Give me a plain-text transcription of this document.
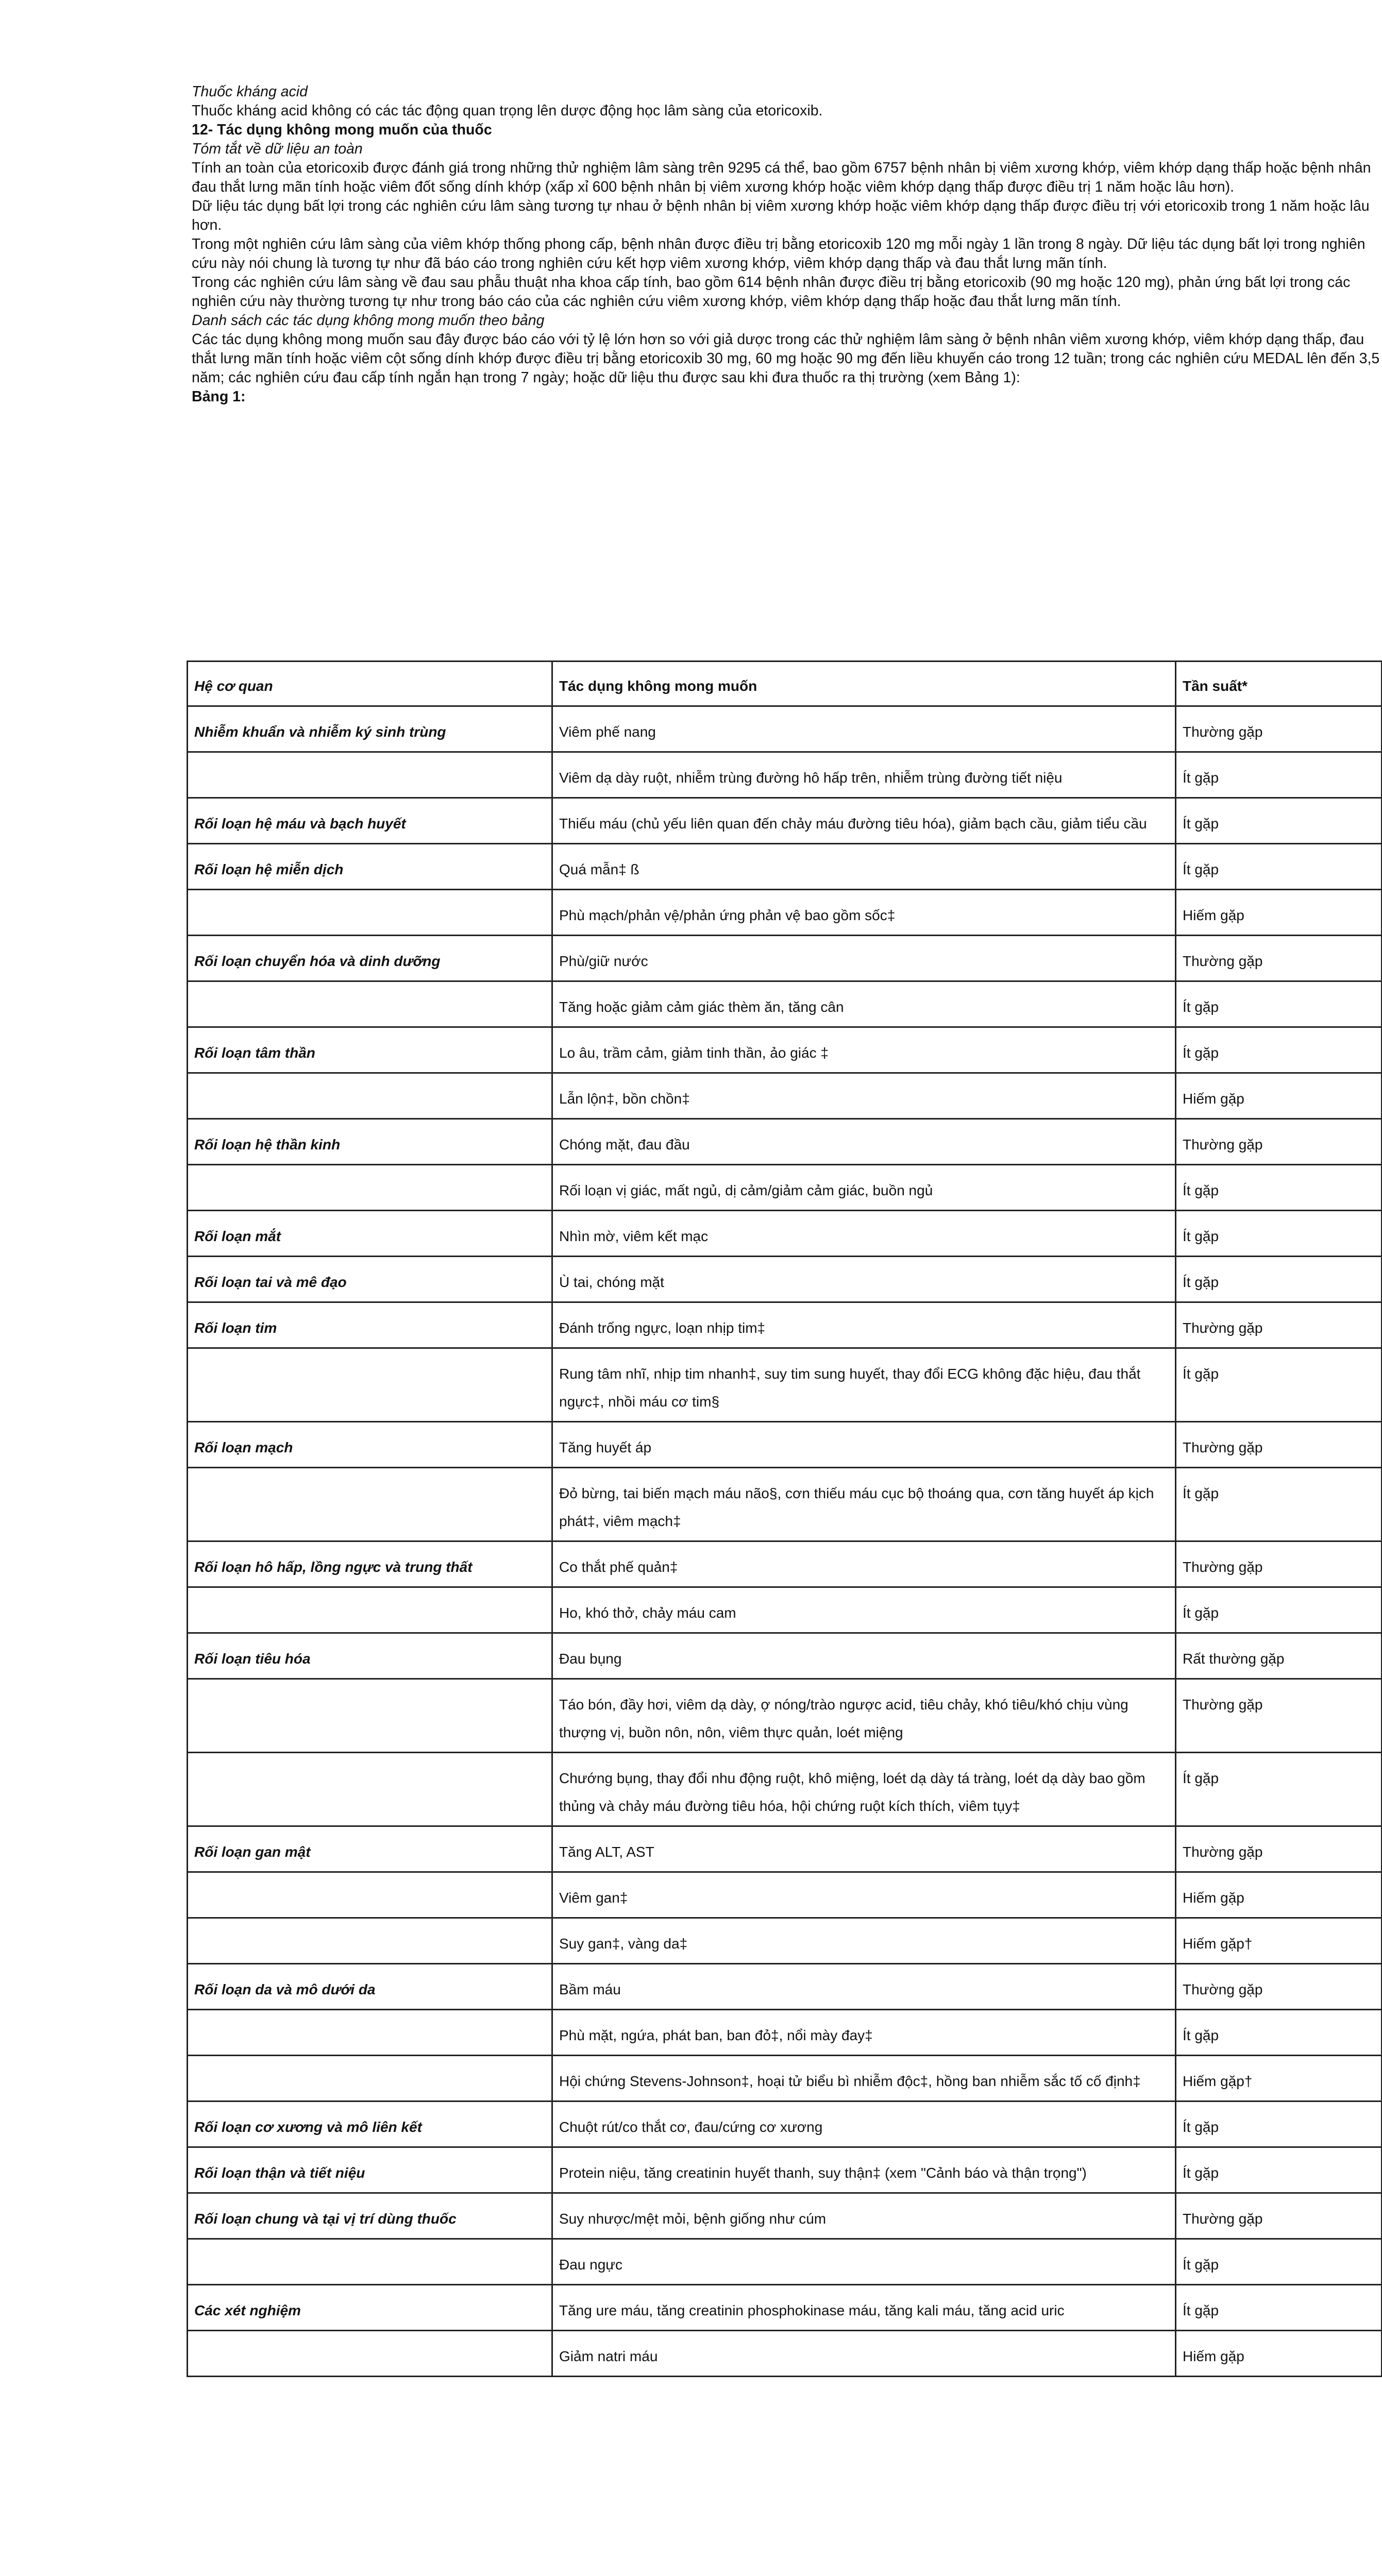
Thuốc kháng acid

Thuốc kháng acid không có các tác động quan trọng lên dược động học lâm sàng của etoricoxib.

12- Tác dụng không mong muốn của thuốc

Tóm tắt về dữ liệu an toàn

Tính an toàn của etoricoxib được đánh giá trong những thử nghiệm lâm sàng trên 9295 cá thể, bao gồm 6757 bệnh nhân bị viêm xương khớp, viêm khớp dạng thấp hoặc bệnh nhân đau thắt lưng mãn tính hoặc viêm đốt sống dính khớp (xấp xỉ 600 bệnh nhân bị viêm xương khớp hoặc viêm khớp dạng thấp được điều trị 1 năm hoặc lâu hơn).

Dữ liệu tác dụng bất lợi trong các nghiên cứu lâm sàng tương tự nhau ở bệnh nhân bị viêm xương khớp hoặc viêm khớp dạng thấp được điều trị với etoricoxib trong 1 năm hoặc lâu hơn.

Trong một nghiên cứu lâm sàng của viêm khớp thống phong cấp, bệnh nhân được điều trị bằng etoricoxib 120 mg mỗi ngày 1 lần trong 8 ngày. Dữ liệu tác dụng bất lợi trong nghiên cứu này nói chung là tương tự như đã báo cáo trong nghiên cứu kết hợp viêm xương khớp, viêm khớp dạng thấp và đau thắt lưng mãn tính.

Trong các nghiên cứu lâm sàng về đau sau phẫu thuật nha khoa cấp tính, bao gồm 614 bệnh nhân được điều trị bằng etoricoxib (90 mg hoặc 120 mg), phản ứng bất lợi trong các nghiên cứu này thường tương tự như trong báo cáo của các nghiên cứu viêm xương khớp, viêm khớp dạng thấp hoặc đau thắt lưng mãn tính.

Danh sách các tác dụng không mong muốn theo bảng

Các tác dụng không mong muốn sau đây được báo cáo với tỷ lệ lớn hơn so với giả dược trong các thử nghiệm lâm sàng ở bệnh nhân viêm xương khớp, viêm khớp dạng thấp, đau thắt lưng mãn tính hoặc viêm cột sống dính khớp được điều trị bằng etoricoxib 30 mg, 60 mg hoặc 90 mg đến liều khuyến cáo trong 12 tuần; trong các nghiên cứu MEDAL lên đến 3,5 năm; các nghiên cứu đau cấp tính ngắn hạn trong 7 ngày; hoặc dữ liệu thu được sau khi đưa thuốc ra thị trường (xem Bảng 1):

Bảng 1:

Hệ cơ quan	Tác dụng không mong muốn	Tần suất*
Nhiễm khuẩn và nhiễm ký sinh trùng	Viêm phế nang	Thường gặp
	Viêm dạ dày ruột, nhiễm trùng đường hô hấp trên, nhiễm trùng đường tiết niệu	Ít gặp
Rối loạn hệ máu và bạch huyết	Thiếu máu (chủ yếu liên quan đến chảy máu đường tiêu hóa), giảm bạch cầu, giảm tiểu cầu	Ít gặp
Rối loạn hệ miễn dịch	Quá mẫn‡ ß	Ít gặp
	Phù mạch/phản vệ/phản ứng phản vệ bao gồm sốc‡	Hiếm gặp
Rối loạn chuyển hóa và dinh dưỡng	Phù/giữ nước	Thường gặp
	Tăng hoặc giảm cảm giác thèm ăn, tăng cân	Ít gặp
Rối loạn tâm thần	Lo âu, trầm cảm, giảm tinh thần, ảo giác ‡	Ít gặp
	Lẫn lộn‡, bồn chồn‡	Hiếm gặp
Rối loạn hệ thần kinh	Chóng mặt, đau đầu	Thường gặp
	Rối loạn vị giác, mất ngủ, dị cảm/giảm cảm giác, buồn ngủ	Ít gặp
Rối loạn mắt	Nhìn mờ, viêm kết mạc	Ít gặp
Rối loạn tai và mê đạo	Ù tai, chóng mặt	Ít gặp
Rối loạn tim	Đánh trống ngực, loạn nhịp tim‡	Thường gặp
	Rung tâm nhĩ, nhịp tim nhanh‡, suy tim sung huyết, thay đổi ECG không đặc hiệu, đau thắt ngực‡, nhồi máu cơ tim§	Ít gặp
Rối loạn mạch	Tăng huyết áp	Thường gặp
	Đỏ bừng, tai biến mạch máu não§, cơn thiếu máu cục bộ thoáng qua, cơn tăng huyết áp kịch phát‡, viêm mạch‡	Ít gặp
Rối loạn hô hấp, lồng ngực và trung thất	Co thắt phế quản‡	Thường gặp
	Ho, khó thở, chảy máu cam	Ít gặp
Rối loạn tiêu hóa	Đau bụng	Rất thường gặp
	Táo bón, đầy hơi, viêm dạ dày, ợ nóng/trào ngược acid, tiêu chảy, khó tiêu/khó chịu vùng thượng vị, buồn nôn, nôn, viêm thực quản, loét miệng	Thường gặp
	Chướng bụng, thay đổi nhu động ruột, khô miệng, loét dạ dày tá tràng, loét dạ dày bao gồm thủng và chảy máu đường tiêu hóa, hội chứng ruột kích thích, viêm tụy‡	Ít gặp
Rối loạn gan mật	Tăng ALT, AST	Thường gặp
	Viêm gan‡	Hiếm gặp
	Suy gan‡, vàng da‡	Hiếm gặp†
Rối loạn da và mô dưới da	Bầm máu	Thường gặp
	Phù mặt, ngứa, phát ban, ban đỏ‡, nổi mày đay‡	Ít gặp
	Hội chứng Stevens-Johnson‡, hoại tử biểu bì nhiễm độc‡, hồng ban nhiễm sắc tố cố định‡	Hiếm gặp†
Rối loạn cơ xương và mô liên kết	Chuột rút/co thắt cơ, đau/cứng cơ xương	Ít gặp
Rối loạn thận và tiết niệu	Protein niệu, tăng creatinin huyết thanh, suy thận‡ (xem "Cảnh báo và thận trọng")	Ít gặp
Rối loạn chung và tại vị trí dùng thuốc	Suy nhược/mệt mỏi, bệnh giống như cúm	Thường gặp
	Đau ngực	Ít gặp
Các xét nghiệm	Tăng ure máu, tăng creatinin phosphokinase máu, tăng kali máu, tăng acid uric	Ít gặp
	Giảm natri máu	Hiếm gặp
